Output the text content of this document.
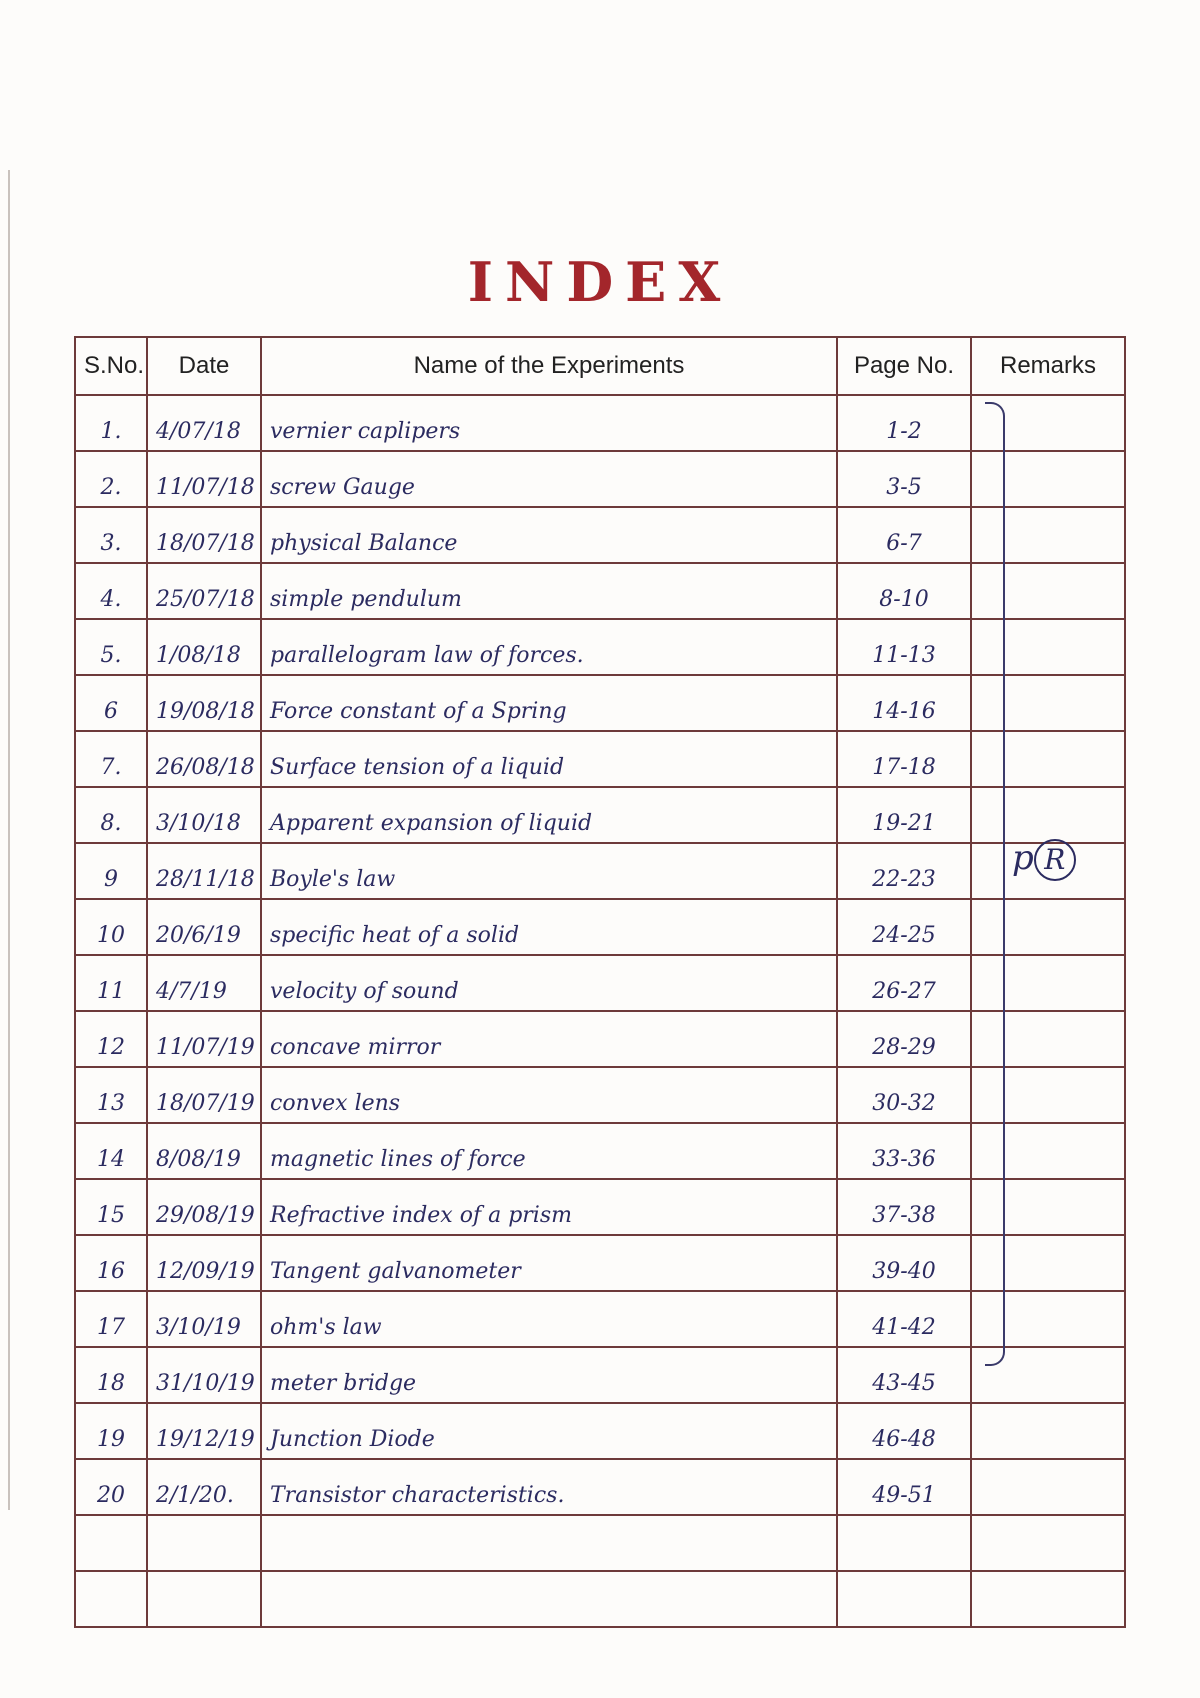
INDEX
S.No.	Date	Name of the Experiments	Page No.	Remarks
1.	4/07/18	vernier caplipers	1-2	
2.	11/07/18	screw Gauge	3-5	
3.	18/07/18	physical Balance	6-7	
4.	25/07/18	simple pendulum	8-10	
5.	1/08/18	parallelogram law of forces.	11-13	
6	19/08/18	Force constant of a Spring	14-16	
7.	26/08/18	Surface tension of a liquid	17-18	
8.	3/10/18	Apparent expansion of liquid	19-21	
9	28/11/18	Boyle's law	22-23	
10	20/6/19	specific heat of a solid	24-25	
11	4/7/19	velocity of sound	26-27	
12	11/07/19	concave mirror	28-29	
13	18/07/19	convex lens	30-32	
14	8/08/19	magnetic lines of force	33-36	
15	29/08/19	Refractive index of a prism	37-38	
16	12/09/19	Tangent galvanometer	39-40	
17	3/10/19	ohm's law	41-42	
18	31/10/19	meter bridge	43-45	
19	19/12/19	Junction Diode	46-48	
20	2/1/20.	Transistor characteristics.	49-51	

p R
